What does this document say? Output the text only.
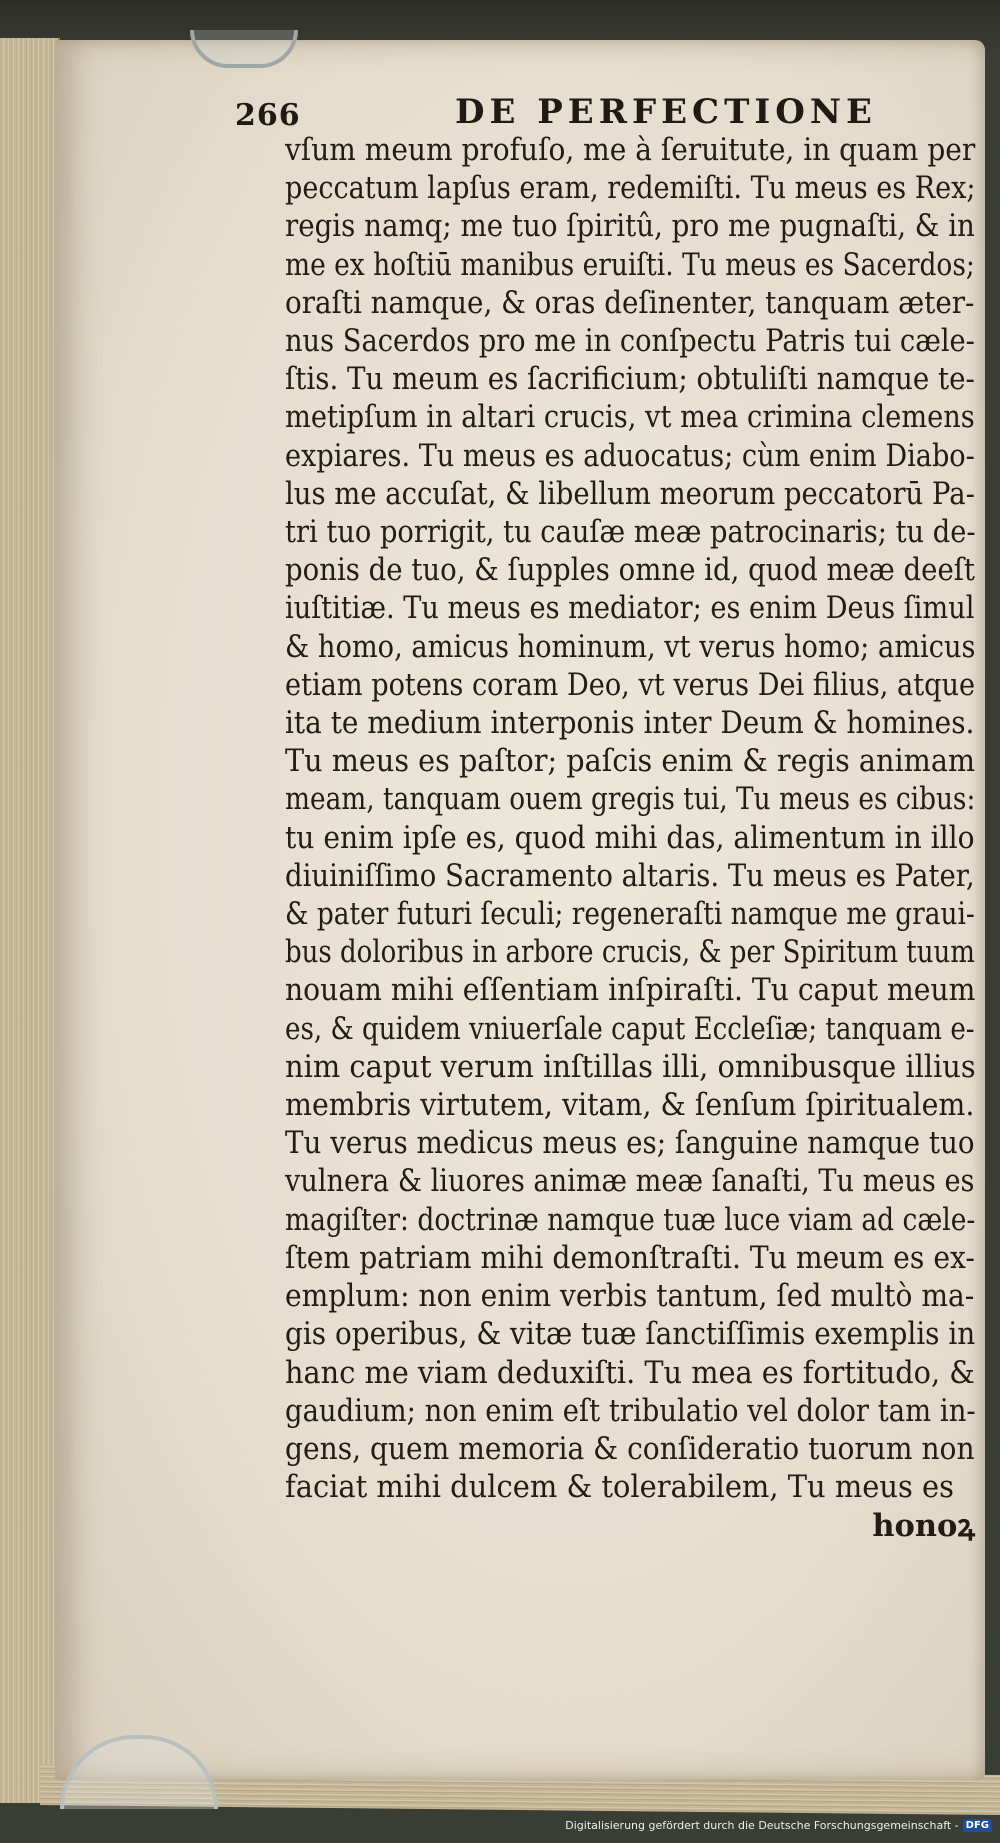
266	DE PERFECTIONE
vſum meum profuſo, me à ſeruitute, in quam per
peccatum lapſus eram, redemiſti. Tu meus es Rex;
regis namq; me tuo ſpiritû, pro me pugnaſti, & in
me ex hoſtiū manibus eruiſti. Tu meus es Sacerdos;
oraſti namque, & oras deſinenter, tanquam æter-
nus Sacerdos pro me in conſpectu Patris tui cæle-
ſtis. Tu meum es ſacrificium; obtuliſti namque te-
metipſum in altari crucis, vt mea crimina clemens
expiares. Tu meus es aduocatus; cùm enim Diabo-
lus me accuſat, & libellum meorum peccatorū Pa-
tri tuo porrigit, tu cauſæ meæ patrocinaris; tu de-
ponis de tuo, & ſupples omne id, quod meæ deeſt
iuſtitiæ. Tu meus es mediator; es enim Deus ſimul
& homo, amicus hominum, vt verus homo; amicus
etiam potens coram Deo, vt verus Dei filius, atque
ita te medium interponis inter Deum & homines.
Tu meus es paſtor; paſcis enim & regis animam
meam, tanquam ouem gregis tui, Tu meus es cibus:
tu enim ipſe es, quod mihi das, alimentum in illo
diuiniſſimo Sacramento altaris. Tu meus es Pater,
& pater futuri ſeculi; regeneraſti namque me graui-
bus doloribus in arbore crucis, & per Spiritum tuum
nouam mihi eſſentiam inſpiraſti. Tu caput meum
es, & quidem vniuerſale caput Eccleſiæ; tanquam e-
nim caput verum inſtillas illi, omnibusque illius
membris virtutem, vitam, & ſenſum ſpiritualem.
Tu verus medicus meus es; ſanguine namque tuo
vulnera & liuores animæ meæ ſanaſti, Tu meus es
magiſter: doctrinæ namque tuæ luce viam ad cæle-
ſtem patriam mihi demonſtraſti. Tu meum es ex-
emplum: non enim verbis tantum, ſed multò ma-
gis operibus, & vitæ tuæ ſanctiſſimis exemplis in
hanc me viam deduxiſti. Tu mea es fortitudo, &
gaudium; non enim eſt tribulatio vel dolor tam in-
gens, quem memoria & conſideratio tuorum non
faciat mihi dulcem & tolerabilem, Tu meus es
honoꝝ
Digitalisierung gefördert durch die Deutsche Forschungsgemeinschaft - DFG
